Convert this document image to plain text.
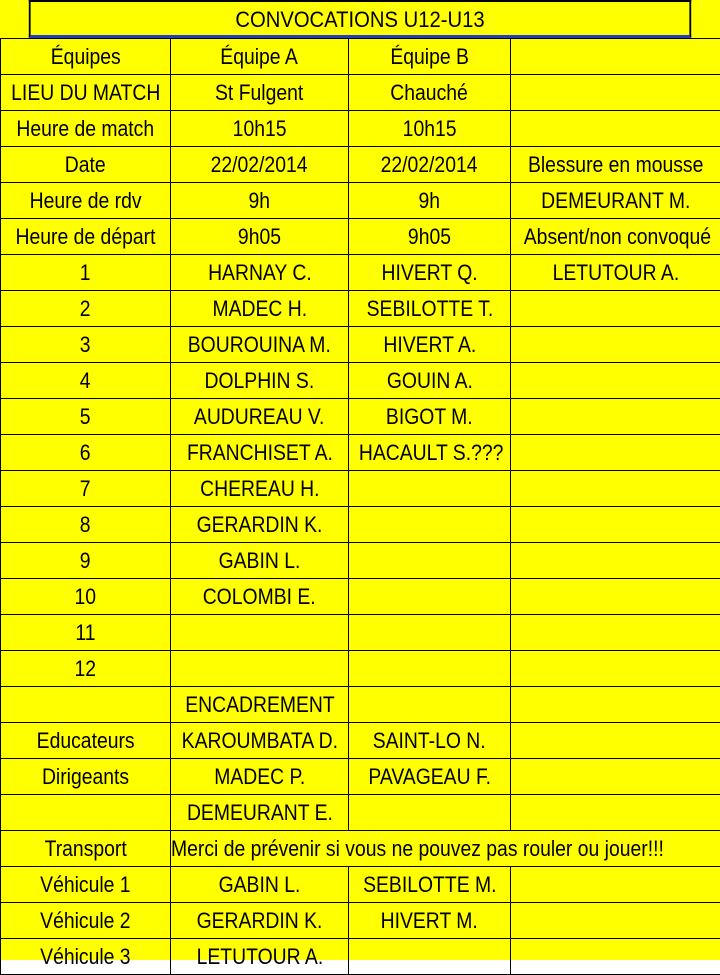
CONVOCATIONS U12-U13
Équipes	Équipe A	Équipe B	
LIEU DU MATCH	St Fulgent	Chauché	
Heure de match	10h15	10h15	
Date	22/02/2014	22/02/2014	Blessure en mousse
Heure de rdv	9h	9h	DEMEURANT M.
Heure de départ	9h05	9h05	Absent/non convoqué
1	HARNAY C.	HIVERT Q.	LETUTOUR A.
2	MADEC H.	SEBILOTTE T.	
3	BOUROUINA M.	HIVERT A.	
4	DOLPHIN S.	GOUIN A.	
5	AUDUREAU V.	BIGOT M.	
6	FRANCHISET A.	HACAULT S.???	
7	CHEREAU H.		
8	GERARDIN K.		
9	GABIN L.		
10	COLOMBI E.		
11			
12			
	ENCADREMENT		
Educateurs	KAROUMBATA D.	SAINT-LO N.	
Dirigeants	MADEC P.	PAVAGEAU F.	
	DEMEURANT E.		
Transport	Merci de prévenir si vous ne pouvez pas rouler ou jouer!!!		
Véhicule 1	GABIN L.	SEBILOTTE M.	
Véhicule 2	GERARDIN K.	HIVERT M.	
Véhicule 3	LETUTOUR A.		
